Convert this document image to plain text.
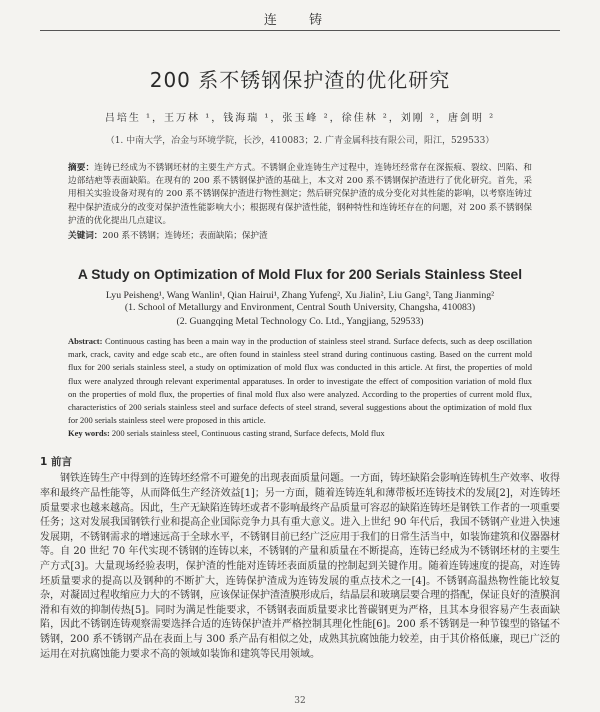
连 铸
200 系不锈钢保护渣的优化研究
吕培生 ¹，王万林 ¹，钱海瑞 ¹，张玉峰 ²，徐佳林 ²，刘刚 ²，唐剑明 ²
（1. 中南大学，冶金与环境学院，长沙，410083；2. 广青金属科技有限公司，阳江，529533）
摘要：连铸已经成为不锈钢坯材的主要生产方式。不锈钢企业连铸生产过程中，连铸坯经常存在深振痕、裂纹、凹陷、和边部结疤等表面缺陷。在现有的 200 系不锈钢保护渣的基础上，本文对 200 系不锈钢保护渣进行了优化研究。首先，采用相关实验设备对现有的 200 系不锈钢保护渣进行物性测定；然后研究保护渣的成分变化对其性能的影响，以考察连铸过程中保护渣成分的改变对保护渣性能影响大小；根据现有保护渣性能，钢种特性和连铸坯存在的问题，对 200 系不锈钢保护渣的优化提出几点建议。
关键词：200 系不锈钢；连铸坯；表面缺陷；保护渣
A Study on Optimization of Mold Flux for 200 Serials Stainless Steel
Lyu Peisheng¹, Wang Wanlin¹, Qian Hairui¹, Zhang Yufeng², Xu Jialin², Liu Gang², Tang Jianming²
(1. School of Metallurgy and Environment, Central South University, Changsha, 410083)
(2. Guangqing Metal Technology Co. Ltd., Yangjiang, 529533)
Abstract: Continuous casting has been a main way in the production of stainless steel strand. Surface defects, such as deep oscillation mark, crack, cavity and edge scab etc., are often found in stainless steel strand during continuous casting. Based on the current mold flux for 200 serials stainless steel, a study on optimization of mold flux was conducted in this article. At first, the properties of mold flux were analyzed through relevant experimental apparatuses. In order to investigate the effect of composition variation of mold flux on the properties of mold flux, the properties of final mold flux also were analyzed. According to the properties of current mold flux, characteristics of 200 serials stainless steel and surface defects of steel strand, several suggestions about the optimization of mold flux for 200 serials stainless steel were proposed in this article.
Key words: 200 serials stainless steel, Continuous casting strand, Surface defects, Mold flux
1 前言
钢铁连铸生产中得到的连铸坯经常不可避免的出现表面质量问题。一方面，铸坯缺陷会影响连铸机生产效率、收得率和最终产品性能等，从而降低生产经济效益[1]；另一方面，随着连铸连轧和薄带板坯连铸技术的发展[2]，对连铸坯质量要求也越来越高。因此，生产无缺陷连铸坯或者不影响最终产品质量可容忍的缺陷连铸坯是钢铁工作者的一项重要任务；这对发展我国钢铁行业和提高企业国际竞争力具有重大意义。进入上世纪 90 年代后，我国不锈钢产业进入快速发展期，不锈钢需求的增速远高于全球水平，不锈钢目前已经广泛应用于我们的日常生活当中，如装饰建筑和仪器器材等。自 20 世纪 70 年代实现不锈钢的连铸以来，不锈钢的产量和质量在不断提高，连铸已经成为不锈钢坯材的主要生产方式[3]。大量现场经验表明，保护渣的性能对连铸坯表面质量的控制起到关键作用。随着连铸速度的提高，对连铸坯质量要求的提高以及钢种的不断扩大，连铸保护渣成为连铸发展的重点技术之一[4]。不锈钢高温热物性能比较复杂，对凝固过程收缩应力大的不锈钢，应该保证保护渣渣膜形成后，结晶层和玻璃层要合理的搭配，保证良好的渣膜润滑和有效的抑制传热[5]。同时为满足性能要求，不锈钢表面质量要求比普碳钢更为严格，且其本身很容易产生表面缺陷，因此不锈钢连铸观察需要选择合适的连铸保护渣并严格控制其理化性能[6]。200 系不锈钢是一种节镍型的铬锰不锈钢，200 系不锈钢产品在表面上与 300 系产品有相似之处，成熟其抗腐蚀能力较差，由于其价格低廉，现已广泛的运用在对抗腐蚀能力要求不高的领域如装饰和建筑等民用领域。
32
